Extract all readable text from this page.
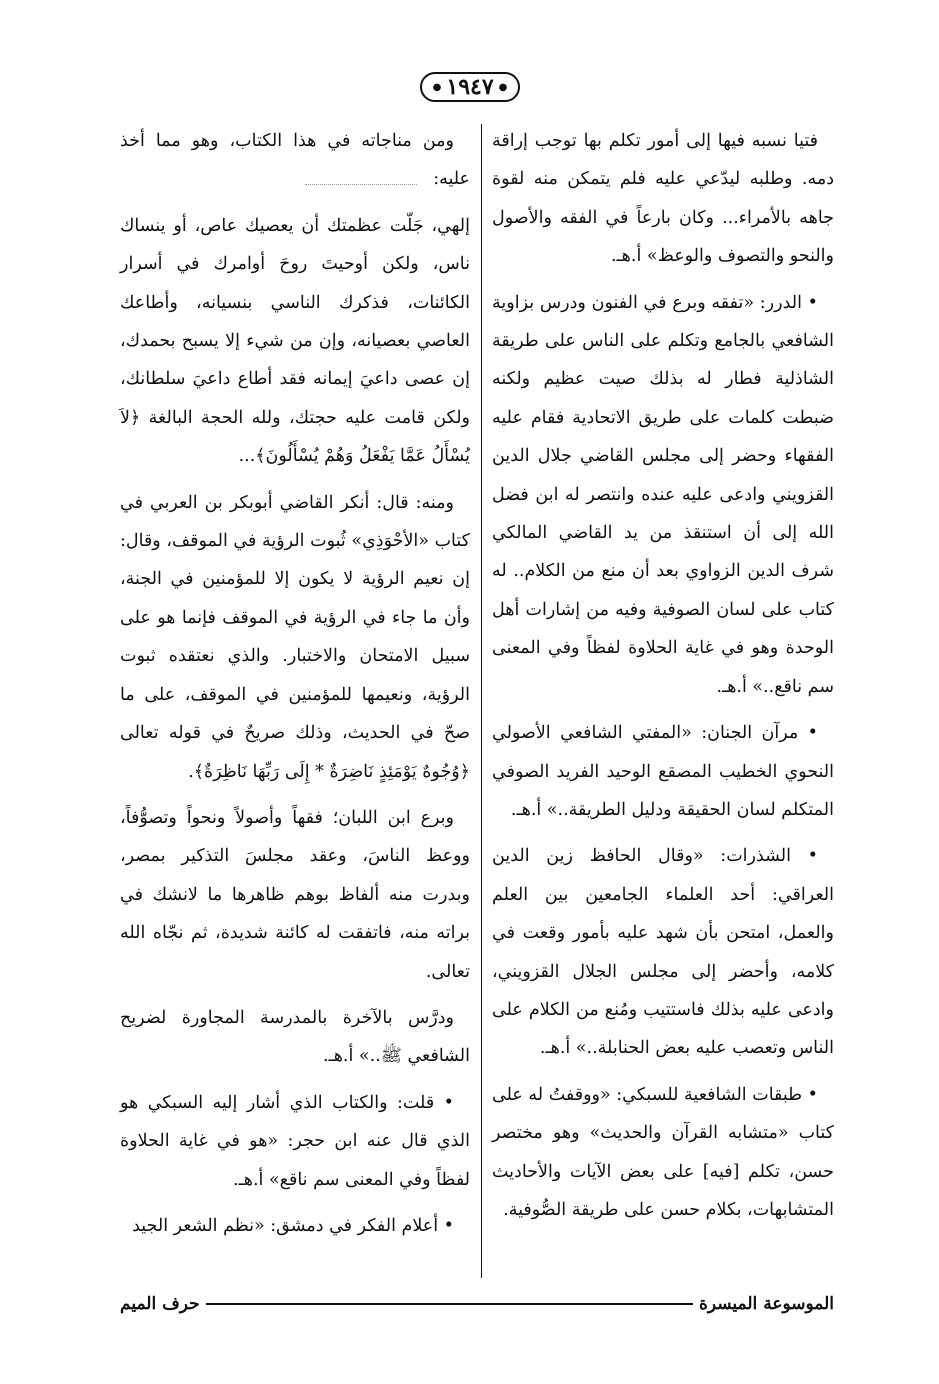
●
١٩٤٧
●

فتيا نسبه فيها إلى أمور تكلم بها توجب إراقة دمه. وطلبه ليدّعي عليه فلم يتمكن منه لقوة جاهه بالأمراء... وكان بارعاً في الفقه والأصول والنحو والتصوف والوعظ» أ.هـ.

• الدرر: «تفقه وبرع في الفنون ودرس بزاوية الشافعي بالجامع وتكلم على الناس على طريقة الشاذلية فطار له بذلك صيت عظيم ولكنه ضبطت كلمات على طريق الاتحادية فقام عليه الفقهاء وحضر إلى مجلس القاضي جلال الدين القزويني وادعى عليه عنده وانتصر له ابن فضل الله إلى أن استنقذ من يد القاضي المالكي شرف الدين الزواوي بعد أن منع من الكلام.. له كتاب على لسان الصوفية وفيه من إشارات أهل الوحدة وهو في غاية الحلاوة لفظاً وفي المعنى سم ناقع..» أ.هـ.

• مرآن الجنان: «المفتي الشافعي الأصولي النحوي الخطيب المصقع الوحيد الفريد الصوفي المتكلم لسان الحقيقة ودليل الطريقة..» أ.هـ.

• الشذرات: «وقال الحافظ زين الدين العراقي: أحد العلماء الجامعين بين العلم والعمل، امتحن بأن شهد عليه بأمور وقعت في كلامه، وأحضر إلى مجلس الجلال القزويني، وادعى عليه بذلك فاستتيب ومُنع من الكلام على الناس وتعصب عليه بعض الحنابلة..» أ.هـ.

• طبقات الشافعية للسبكي: «ووقفتُ له على كتاب «متشابه القرآن والحديث» وهو مختصر حسن، تكلم [فيه] على بعض الآيات والأحاديث المتشابهات، بكلام حسن على طريقة الصُّوفية.

ومن مناجاته في هذا الكتاب، وهو مما أخذ عليه:

إلهي، جَلّت عظمتك أن يعصيك عاص، أو ينساك ناس، ولكن أوحيتَ روحَ أوامرك في أسرار الكائنات، فذكرك الناسي بنسيانه، وأطاعك العاصي بعصيانه، وإن من شيء إلا يسبح بحمدك، إن عصى داعيَ إيمانه فقد أطاع داعيَ سلطانك، ولكن قامت عليه حجتك، ولله الحجة البالغة ﴿لاَ يُسْأَلُ عَمَّا يَفْعَلُ وَهُمْ يُسْأَلُونَ﴾...

ومنه: قال: أنكر القاضي أبوبكر بن العربي في كتاب «الأحْوَذِي» ثُبوت الرؤية في الموقف، وقال: إن نعيم الرؤية لا يكون إلا للمؤمنين في الجنة، وأن ما جاء في الرؤية في الموقف فإنما هو على سبيل الامتحان والاختبار. والذي نعتقده ثبوت الرؤية، ونعيمها للمؤمنين في الموقف، على ما صحّ في الحديث، وذلك صريحٌ في قوله تعالى ﴿وُجُوهٌ يَوْمَئِذٍ نَاضِرَةٌ * إِلَى رَبِّهَا نَاظِرَةٌ﴾.

وبرع ابن اللبان؛ فقهاً وأصولاً ونحواً وتصوُّفاً، ووعظ الناسَ، وعقد مجلسَ التذكير بمصر، وبدرت منه ألفاظ بوهم ظاهرها ما لانشك في براته منه، فاتفقت له كائنة شديدة، ثم نجّاه الله تعالى.

ودرَّس بالآخرة بالمدرسة المجاورة لضريح الشافعي ﷺ..» أ.هـ.

• قلت: والكتاب الذي أشار إليه السبكي هو الذي قال عنه ابن حجر: «هو في غاية الحلاوة لفظاً وفي المعنى سم ناقع» أ.هـ.

• أعلام الفكر في دمشق: «نظم الشعر الجيد

الموسوعة الميسرة
حرف الميم
